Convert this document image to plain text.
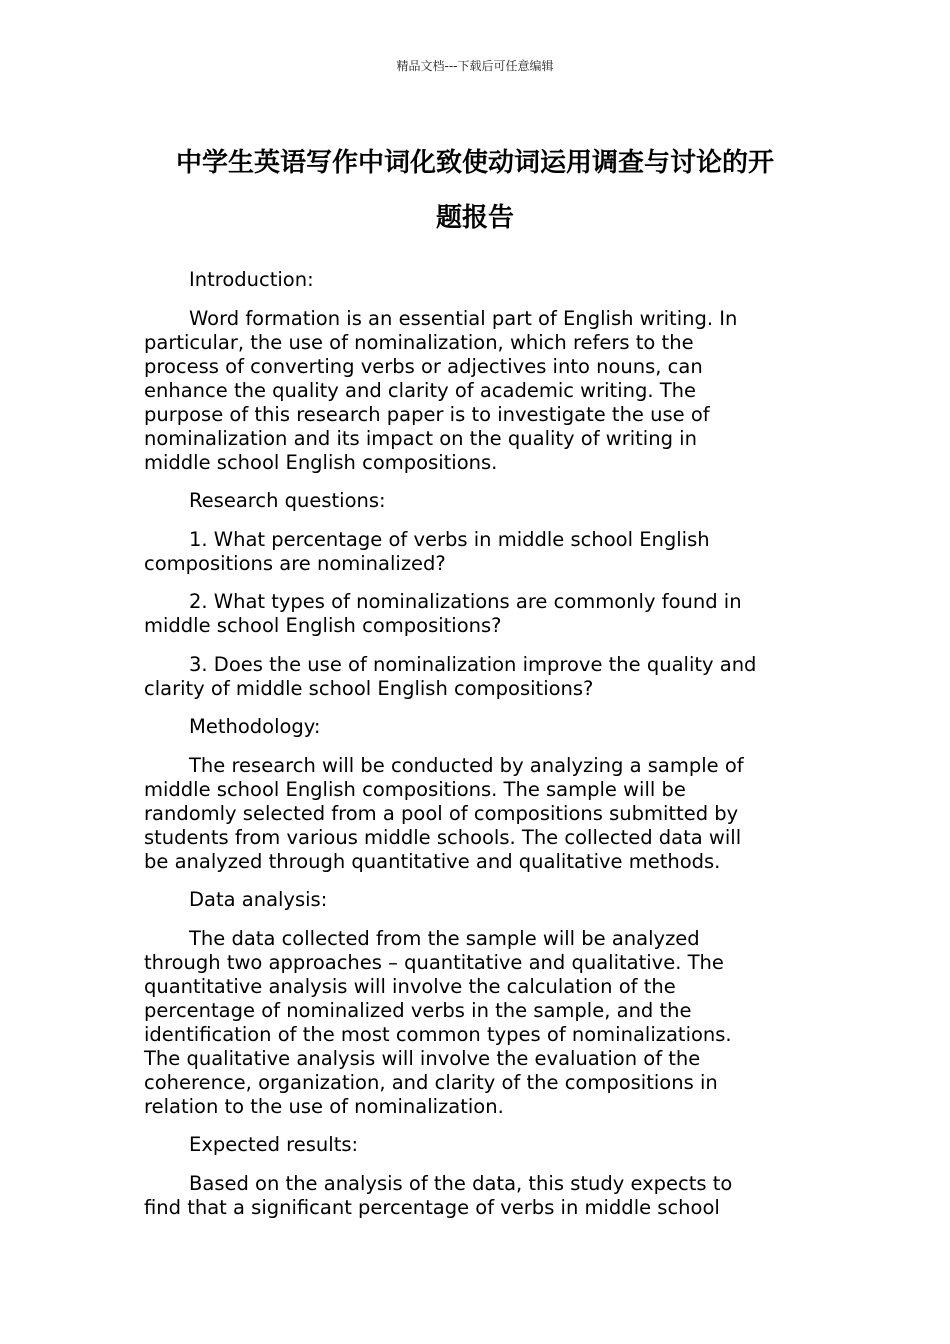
精品文档---下载后可任意编辑
中学生英语写作中词化致使动词运用调查与讨论的开
题报告
Introduction:
Word formation is an essential part of English writing. In
particular, the use of nominalization, which refers to the
process of converting verbs or adjectives into nouns, can
enhance the quality and clarity of academic writing. The
purpose of this research paper is to investigate the use of
nominalization and its impact on the quality of writing in
middle school English compositions.
Research questions:
1. What percentage of verbs in middle school English
compositions are nominalized?
2. What types of nominalizations are commonly found in
middle school English compositions?
3. Does the use of nominalization improve the quality and
clarity of middle school English compositions?
Methodology:
The research will be conducted by analyzing a sample of
middle school English compositions. The sample will be
randomly selected from a pool of compositions submitted by
students from various middle schools. The collected data will
be analyzed through quantitative and qualitative methods.
Data analysis:
The data collected from the sample will be analyzed
through two approaches – quantitative and qualitative. The
quantitative analysis will involve the calculation of the
percentage of nominalized verbs in the sample, and the
identification of the most common types of nominalizations.
The qualitative analysis will involve the evaluation of the
coherence, organization, and clarity of the compositions in
relation to the use of nominalization.
Expected results:
Based on the analysis of the data, this study expects to
find that a significant percentage of verbs in middle school
